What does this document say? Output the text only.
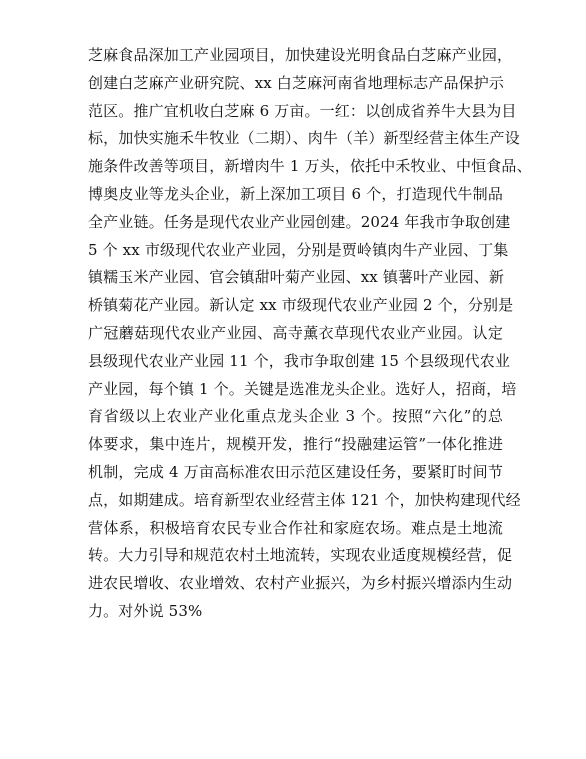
芝麻食品深加工产业园项目，加快建设光明食品白芝麻产业园，
创建白芝麻产业研究院、xx 白芝麻河南省地理标志产品保护示
范区。推广宜机收白芝麻 6 万亩。一红：以创成省养牛大县为目
标，加快实施禾牛牧业（二期）、肉牛（羊）新型经营主体生产设
施条件改善等项目，新增肉牛 1 万头，依托中禾牧业、中恒食品、
博奥皮业等龙头企业，新上深加工项目 6 个，打造现代牛制品
全产业链。任务是现代农业产业园创建。2024 年我市争取创建
5 个 xx 市级现代农业产业园，分别是贾岭镇肉牛产业园、丁集
镇糯玉米产业园、官会镇甜叶菊产业园、xx 镇薯叶产业园、新
桥镇菊花产业园。新认定 xx 市级现代农业产业园 2 个，分别是
广冠蘑菇现代农业产业园、高寺薰衣草现代农业产业园。认定
县级现代农业产业园 11 个，我市争取创建 15 个县级现代农业
产业园，每个镇 1 个。关键是选准龙头企业。选好人，招商，培
育省级以上农业产业化重点龙头企业 3 个。按照“六化”的总
体要求，集中连片，规模开发，推行“投融建运管”一体化推进
机制，完成 4 万亩高标准农田示范区建设任务，要紧盯时间节
点，如期建成。培育新型农业经营主体 121 个，加快构建现代经
营体系，积极培育农民专业合作社和家庭农场。难点是土地流
转。大力引导和规范农村土地流转，实现农业适度规模经营，促
进农民增收、农业增效、农村产业振兴，为乡村振兴增添内生动
力。对外说 53%
